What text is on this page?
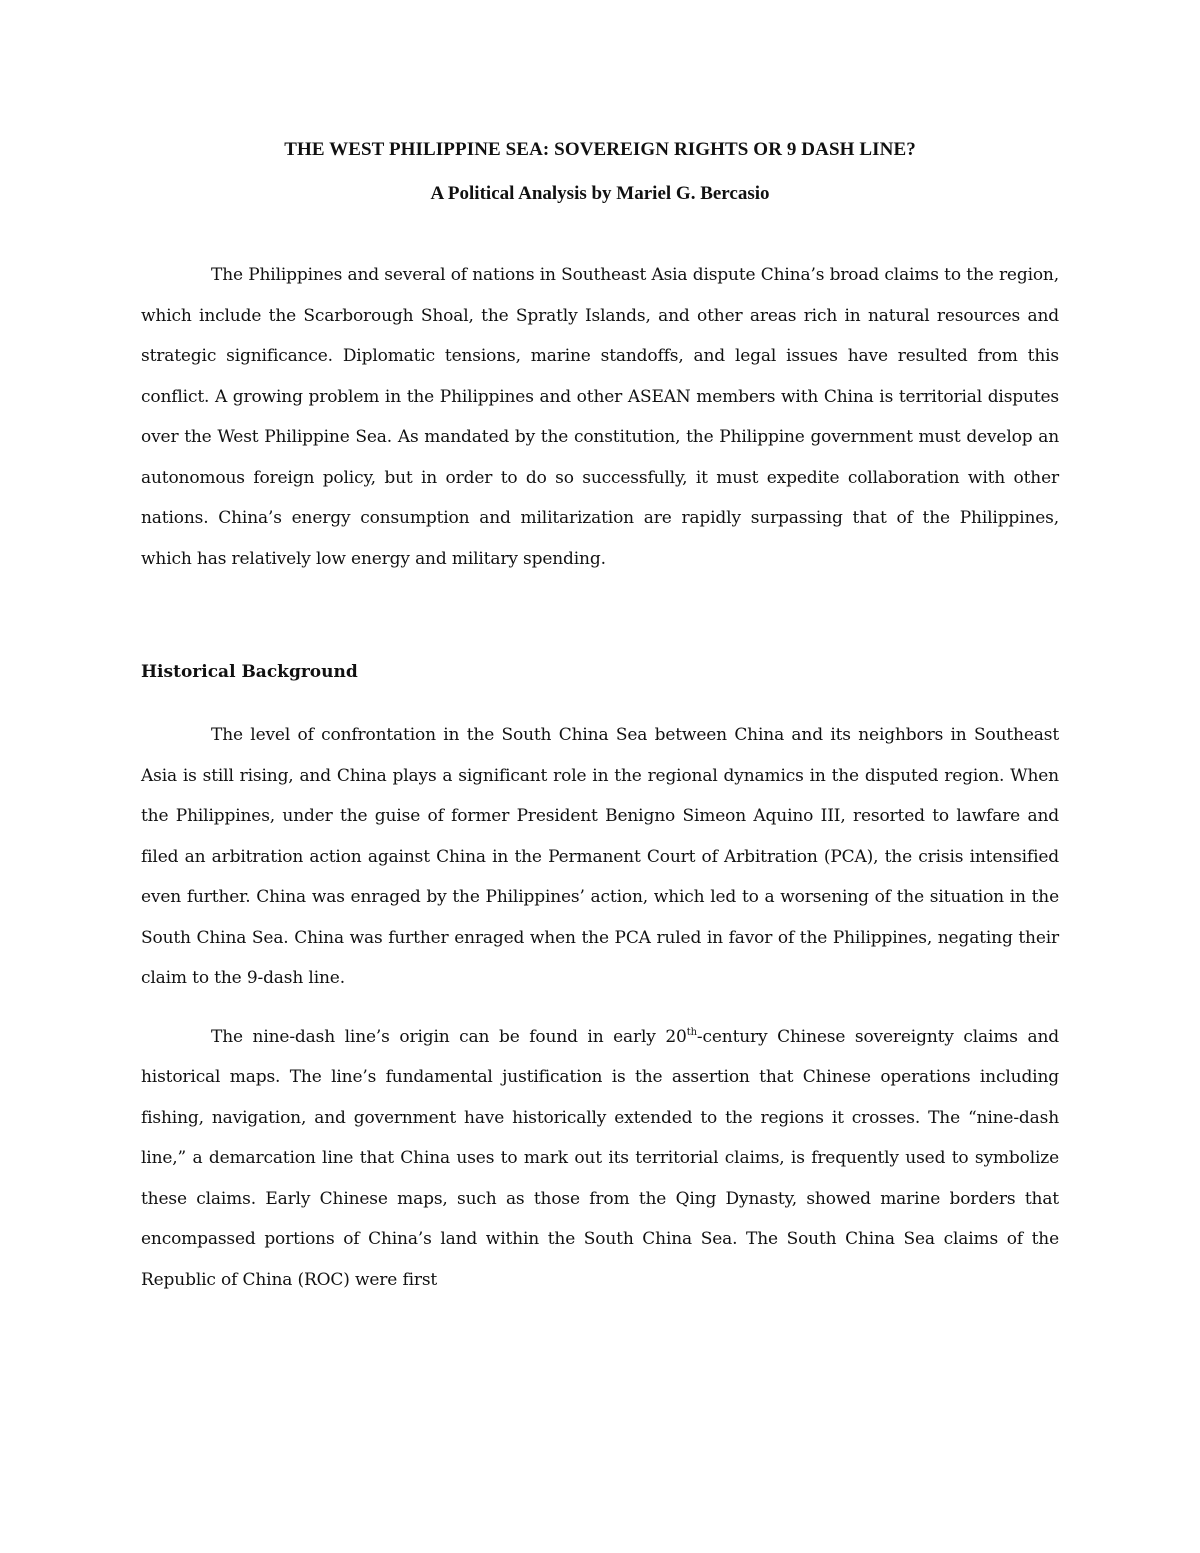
THE WEST PHILIPPINE SEA: SOVEREIGN RIGHTS OR 9 DASH LINE?

A Political Analysis by Mariel G. Bercasio

The Philippines and several of nations in Southeast Asia dispute China’s broad claims to the region, which include the Scarborough Shoal, the Spratly Islands, and other areas rich in natural resources and strategic significance. Diplomatic tensions, marine standoffs, and legal issues have resulted from this conflict. A growing problem in the Philippines and other ASEAN members with China is territorial disputes over the West Philippine Sea. As mandated by the constitution, the Philippine government must develop an autonomous foreign policy, but in order to do so successfully, it must expedite collaboration with other nations. China’s energy consumption and militarization are rapidly surpassing that of the Philippines, which has relatively low energy and military spending.

Historical Background

The level of confrontation in the South China Sea between China and its neighbors in Southeast Asia is still rising, and China plays a significant role in the regional dynamics in the disputed region. When the Philippines, under the guise of former President Benigno Simeon Aquino III, resorted to lawfare and filed an arbitration action against China in the Permanent Court of Arbitration (PCA), the crisis intensified even further. China was enraged by the Philippines’ action, which led to a worsening of the situation in the South China Sea. China was further enraged when the PCA ruled in favor of the Philippines, negating their claim to the 9-dash line.

The nine-dash line’s origin can be found in early 20th-century Chinese sovereignty claims and historical maps. The line’s fundamental justification is the assertion that Chinese operations including fishing, navigation, and government have historically extended to the regions it crosses. The “nine-dash line,” a demarcation line that China uses to mark out its territorial claims, is frequently used to symbolize these claims. Early Chinese maps, such as those from the Qing Dynasty, showed marine borders that encompassed portions of China’s land within the South China Sea. The South China Sea claims of the Republic of China (ROC) were first
